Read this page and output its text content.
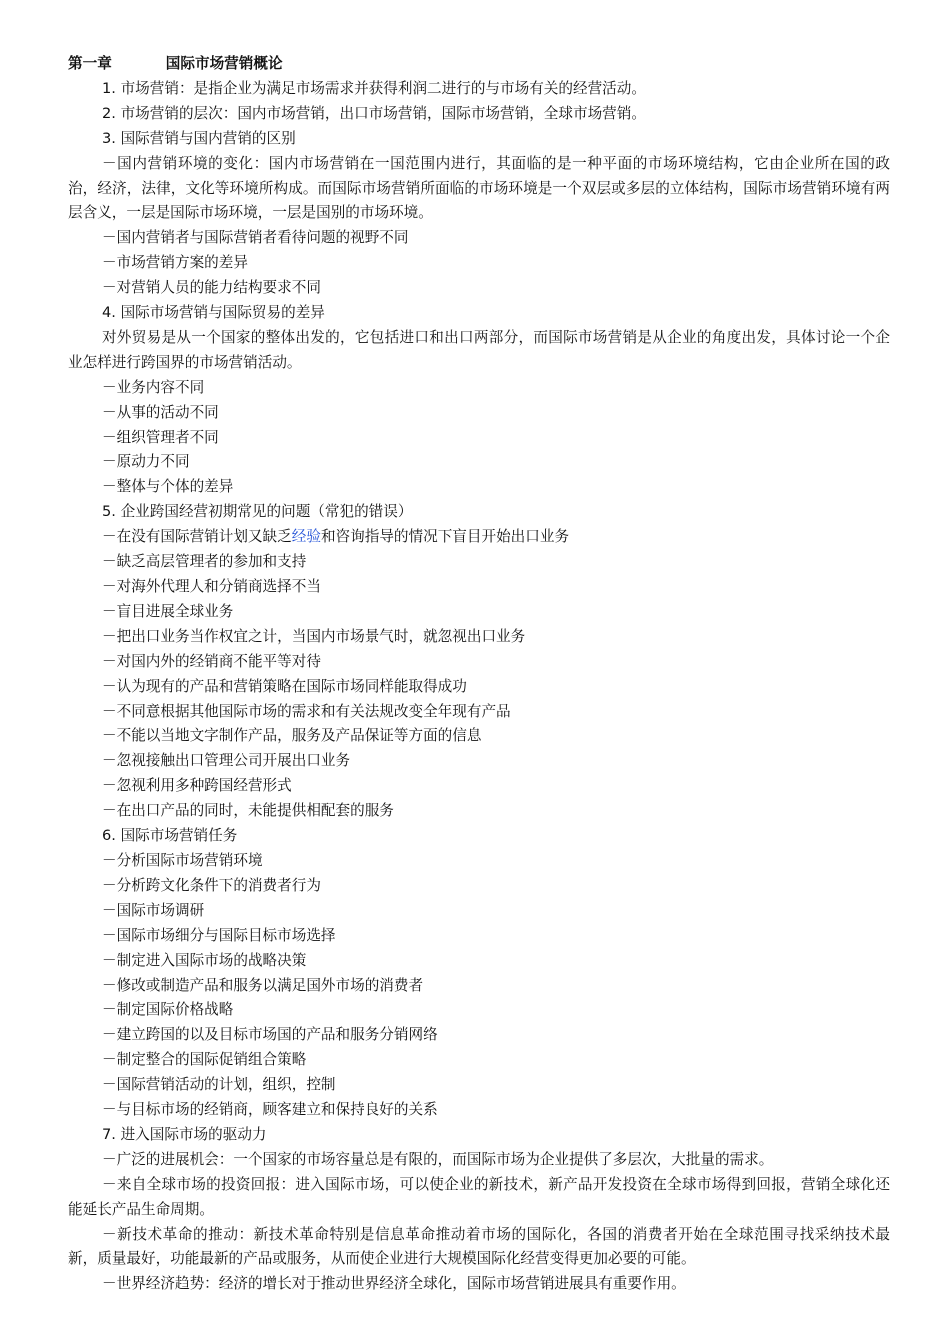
第一章	国际市场营销概论
1. 市场营销：是指企业为满足市场需求并获得利润二进行的与市场有关的经营活动。
2. 市场营销的层次：国内市场营销，出口市场营销，国际市场营销，全球市场营销。
3. 国际营销与国内营销的区别
－国内营销环境的变化：国内市场营销在一国范围内进行，其面临的是一种平面的市场环境结构，它由企业所在国的政治，经济，法律，文化等环境所构成。而国际市场营销所面临的市场环境是一个双层或多层的立体结构，国际市场营销环境有两层含义，一层是国际市场环境，一层是国别的市场环境。
－国内营销者与国际营销者看待问题的视野不同
－市场营销方案的差异
－对营销人员的能力结构要求不同
4. 国际市场营销与国际贸易的差异
对外贸易是从一个国家的整体出发的，它包括进口和出口两部分，而国际市场营销是从企业的角度出发，具体讨论一个企业怎样进行跨国界的市场营销活动。
－业务内容不同
－从事的活动不同
－组织管理者不同
－原动力不同
－整体与个体的差异
5. 企业跨国经营初期常见的问题（常犯的错误）
－在没有国际营销计划又缺乏经验和咨询指导的情况下盲目开始出口业务
－缺乏高层管理者的参加和支持
－对海外代理人和分销商选择不当
－盲目进展全球业务
－把出口业务当作权宜之计，当国内市场景气时，就忽视出口业务
－对国内外的经销商不能平等对待
－认为现有的产品和营销策略在国际市场同样能取得成功
－不同意根据其他国际市场的需求和有关法规改变全年现有产品
－不能以当地文字制作产品，服务及产品保证等方面的信息
－忽视接触出口管理公司开展出口业务
－忽视利用多种跨国经营形式
－在出口产品的同时，未能提供相配套的服务
6. 国际市场营销任务
－分析国际市场营销环境
－分析跨文化条件下的消费者行为
－国际市场调研
－国际市场细分与国际目标市场选择
－制定进入国际市场的战略决策
－修改或制造产品和服务以满足国外市场的消费者
－制定国际价格战略
－建立跨国的以及目标市场国的产品和服务分销网络
－制定整合的国际促销组合策略
－国际营销活动的计划，组织，控制
－与目标市场的经销商，顾客建立和保持良好的关系
7. 进入国际市场的驱动力
－广泛的进展机会：一个国家的市场容量总是有限的，而国际市场为企业提供了多层次，大批量的需求。
－来自全球市场的投资回报：进入国际市场，可以使企业的新技术，新产品开发投资在全球市场得到回报，营销全球化还能延长产品生命周期。
－新技术革命的推动：新技术革命特别是信息革命推动着市场的国际化，各国的消费者开始在全球范围寻找采纳技术最新，质量最好，功能最新的产品或服务，从而使企业进行大规模国际化经营变得更加必要的可能。
－世界经济趋势：经济的增长对于推动世界经济全球化，国际市场营销进展具有重要作用。
